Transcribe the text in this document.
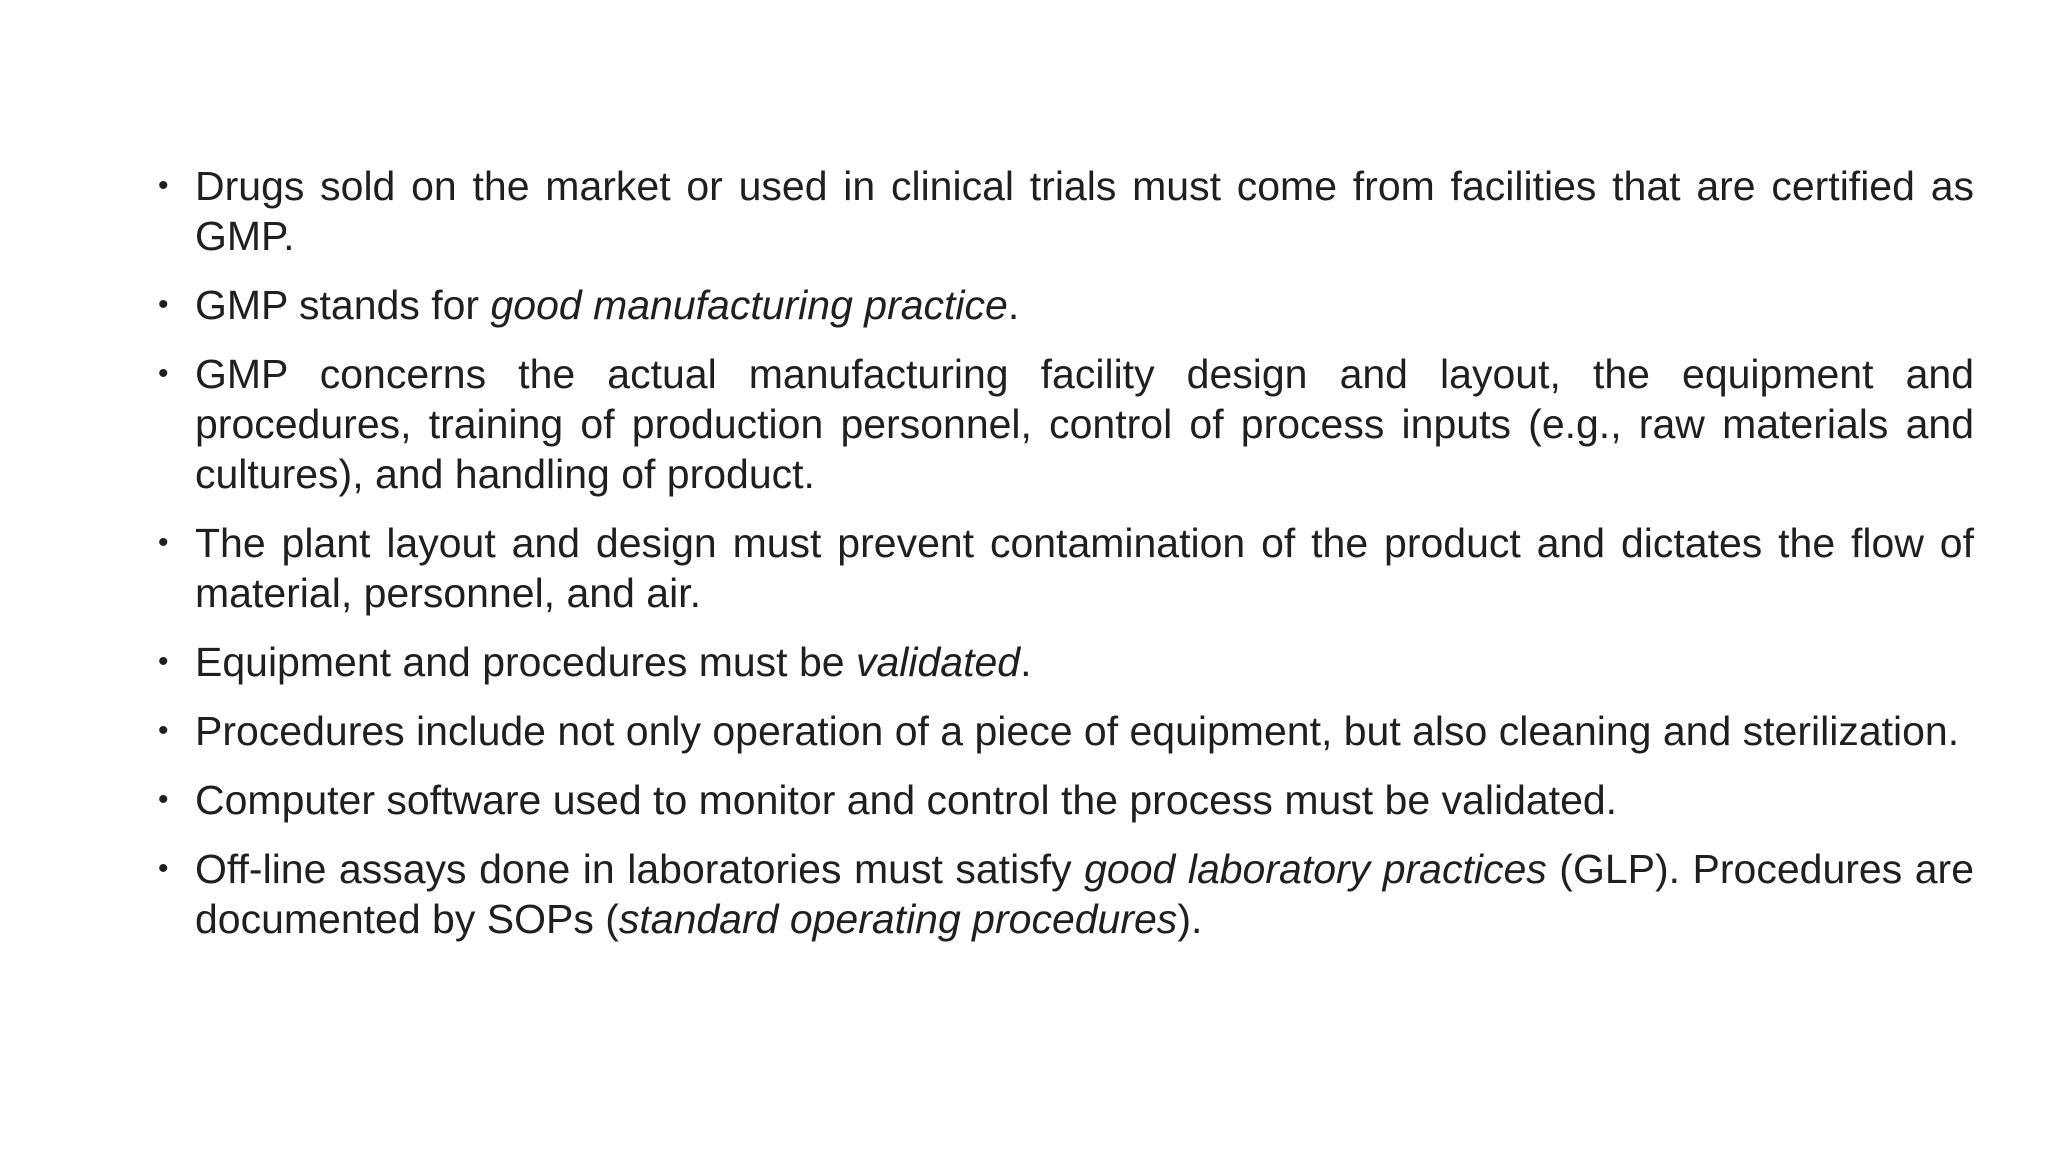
• Drugs sold on the market or used in clinical trials must come from facilities that are certified as GMP.
• GMP stands for good manufacturing practice.
• GMP concerns the actual manufacturing facility design and layout, the equipment and procedures, training of production personnel, control of process inputs (e.g., raw materials and cultures), and handling of product.
• The plant layout and design must prevent contamination of the product and dictates the flow of material, personnel, and air.
• Equipment and procedures must be validated.
• Procedures include not only operation of a piece of equipment, but also cleaning and sterilization.
• Computer software used to monitor and control the process must be validated.
• Off-line assays done in laboratories must satisfy good laboratory practices (GLP). Procedures are documented by SOPs (standard operating procedures).
